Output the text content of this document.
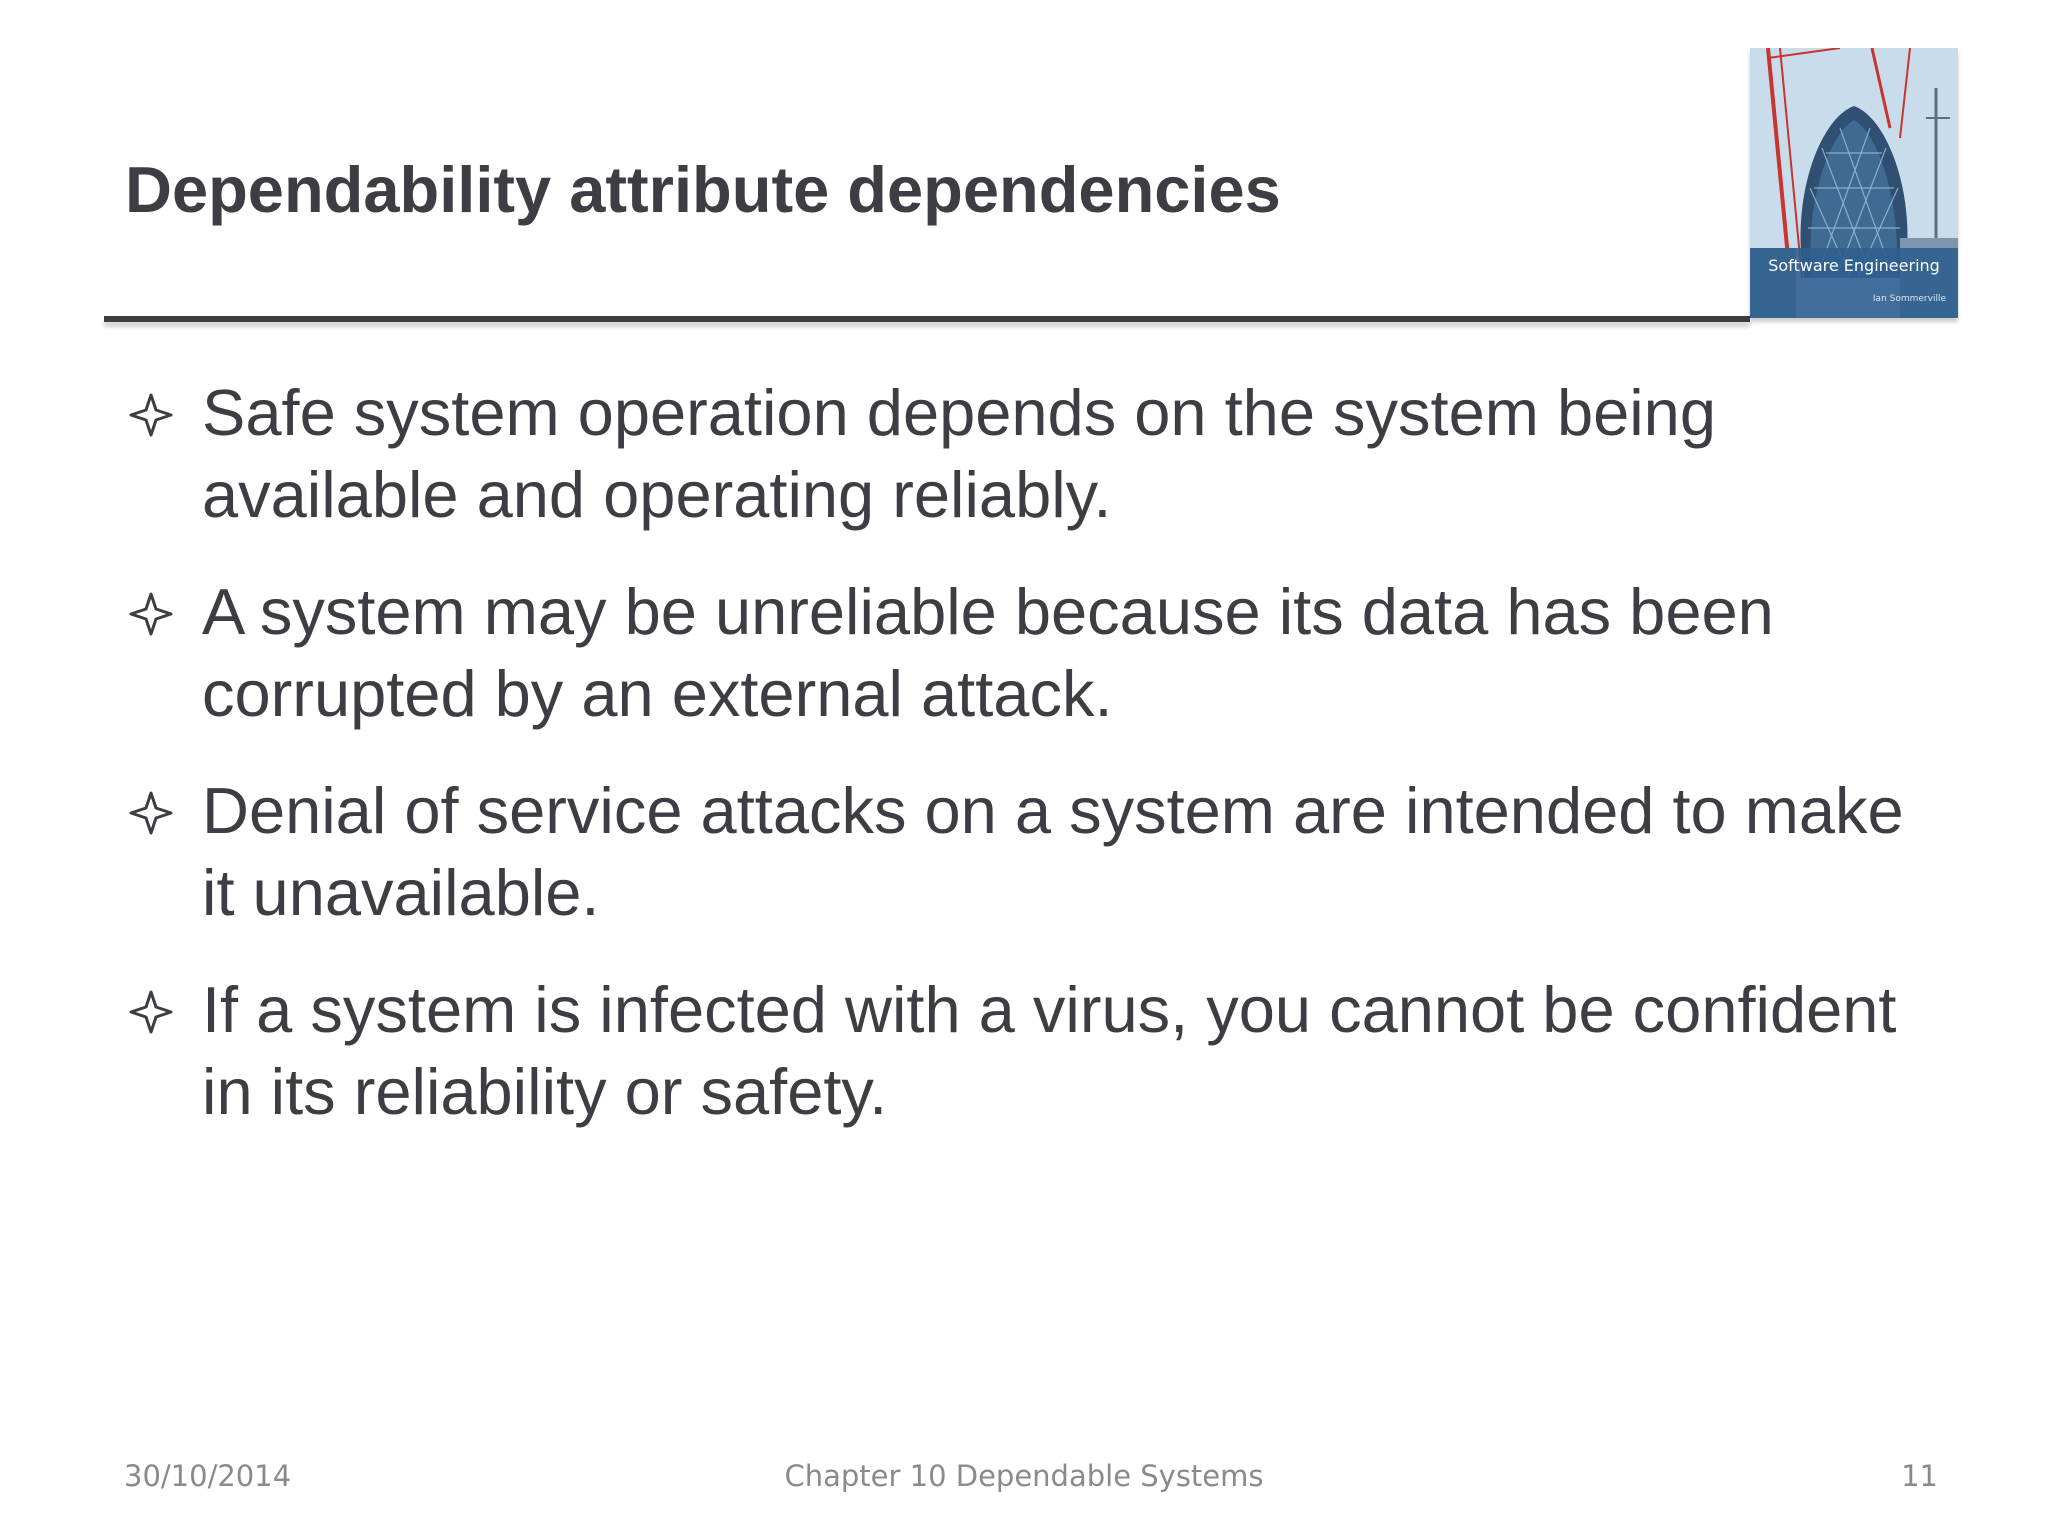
Dependability attribute dependencies
Software Engineering
Ian Sommerville
Safe system operation depends on the system being available and operating reliably.
A system may be unreliable because its data has been corrupted by an external attack.
Denial of service attacks on a system are intended to make it unavailable.
If a system is infected with a virus, you cannot be confident in its reliability or safety.
30/10/2014	Chapter 10 Dependable Systems	11
